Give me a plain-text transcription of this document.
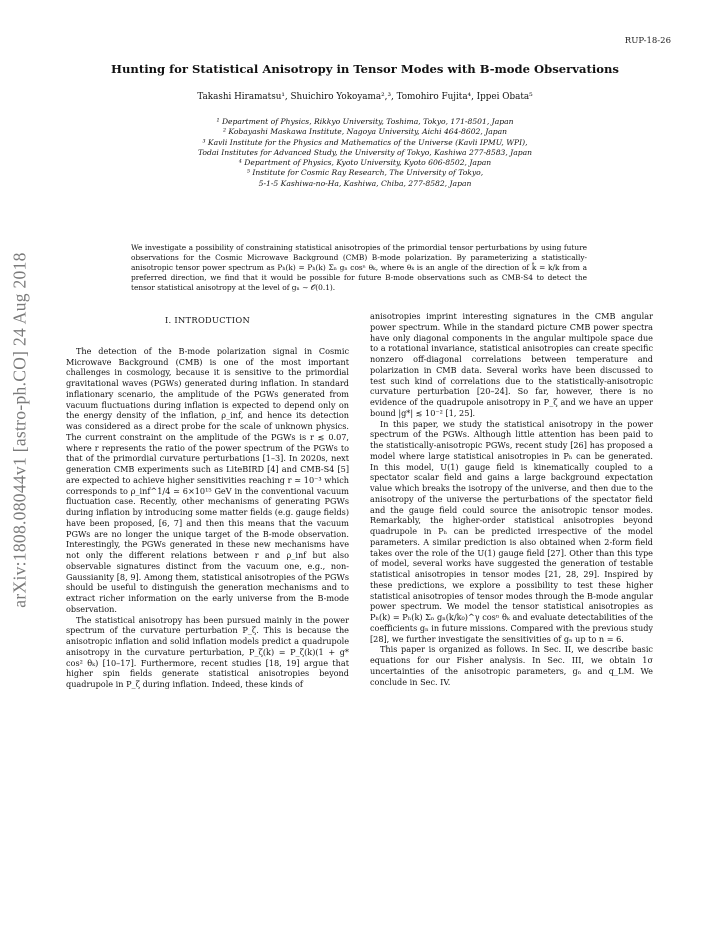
RUP-18-26
arXiv:1808.08044v1 [astro-ph.CO] 24 Aug 2018
Hunting for Statistical Anisotropy in Tensor Modes with B-mode Observations
Takashi Hiramatsu¹, Shuichiro Yokoyama²,³, Tomohiro Fujita⁴, Ippei Obata⁵
¹ Department of Physics, Rikkyo University, Toshima, Tokyo, 171-8501, Japan
² Kobayashi Maskawa Institute, Nagoya University, Aichi 464-8602, Japan
³ Kavli Institute for the Physics and Mathematics of the Universe (Kavli IPMU, WPI),
Todai Institutes for Advanced Study, the University of Tokyo, Kashiwa 277-8583, Japan
⁴ Department of Physics, Kyoto University, Kyoto 606-8502, Japan
⁵ Institute for Cosmic Ray Research, The University of Tokyo,
5-1-5 Kashiwa-no-Ha, Kashiwa, Chiba, 277-8582, Japan
We investigate a possibility of constraining statistical anisotropies of the primordial tensor perturbations by using future observations for the Cosmic Microwave Background (CMB) B-mode polarization. By parameterizing a statistically-anisotropic tensor power spectrum as Pₕ(k) = Pₕ(k) Σₙ gₙ cosⁿ θₖ, where θₖ is an angle of the direction of k̂ = k/k from a preferred direction, we find that it would be possible for future B-mode observations such as CMB-S4 to detect the tensor statistical anisotropy at the level of gₙ ∼ 𝒪(0.1).
I. INTRODUCTION

The detection of the B-mode polarization signal in Cosmic Microwave Background (CMB) is one of the most important challenges in cosmology, because it is sensitive to the primordial gravitational waves (PGWs) generated during inflation. In standard inflationary scenario, the amplitude of the PGWs generated from vacuum fluctuations during inflation is expected to depend only on the energy density of the inflation, ρ_inf, and hence its detection was considered as a direct probe for the scale of unknown physics. The current constraint on the amplitude of the PGWs is r ≲ 0.07, where r represents the ratio of the power spectrum of the PGWs to that of the primordial curvature perturbations [1–3]. In 2020s, next generation CMB experiments such as LiteBIRD [4] and CMB-S4 [5] are expected to achieve higher sensitivities reaching r ≃ 10⁻³ which corresponds to ρ_inf^1/4 ≃ 6×10¹⁵ GeV in the conventional vacuum fluctuation case. Recently, other mechanisms of generating PGWs during inflation by introducing some matter fields (e.g. gauge fields) have been proposed, [6, 7] and then this means that the vacuum PGWs are no longer the unique target of the B-mode observation. Interestingly, the PGWs generated in these new mechanisms have not only the different relations between r and ρ_inf but also observable signatures distinct from the vacuum one, e.g., non-Gaussianity [8, 9]. Among them, statistical anisotropies of the PGWs should be useful to distinguish the generation mechanisms and to extract richer information on the early universe from the B-mode observation.

The statistical anisotropy has been pursued mainly in the power spectrum of the curvature perturbation P_ζ. This is because the anisotropic inflation and solid inflation models predict a quadrupole anisotropy in the curvature perturbation, P_ζ(k) = P_ζ(k)(1 + g* cos² θₖ) [10–17]. Furthermore, recent studies [18, 19] argue that higher spin fields generate statistical anisotropies beyond quadrupole in P_ζ during inflation. Indeed, these kinds of

anisotropies imprint interesting signatures in the CMB angular power spectrum. While in the standard picture CMB power spectra have only diagonal components in the angular multipole space due to a rotational invariance, statistical anisotropies can create specific nonzero off-diagonal correlations between temperature and polarization in CMB data. Several works have been discussed to test such kind of correlations due to the statistically-anisotropic curvature perturbation [20–24]. So far, however, there is no evidence of the quadrupole anisotropy in P_ζ and we have an upper bound |g*| ≲ 10⁻² [1, 25].

In this paper, we study the statistical anisotropy in the power spectrum of the PGWs. Although little attention has been paid to the statistically-anisotropic PGWs, recent study [26] has proposed a model where large statistical anisotropies in Pₕ can be generated. In this model, U(1) gauge field is kinematically coupled to a spectator scalar field and gains a large background expectation value which breaks the isotropy of the universe, and then due to the anisotropy of the universe the perturbations of the spectator field and the gauge field could source the anisotropic tensor modes. Remarkably, the higher-order statistical anisotropies beyond quadrupole in Pₕ can be predicted irrespective of the model parameters. A similar prediction is also obtained when 2-form field takes over the role of the U(1) gauge field [27]. Other than this type of model, several works have suggested the generation of testable statistical anisotropies in tensor modes [21, 28, 29]. Inspired by these predictions, we explore a possibility to test these higher statistical anisotropies of tensor modes through the B-mode angular power spectrum. We model the tensor statistical anisotropies as Pₕ(k) = Pₕ(k) Σₙ gₙ(k/k₀)^γ cosⁿ θₖ and evaluate detectabilities of the coefficients gₙ in future missions. Compared with the previous study [28], we further investigate the sensitivities of gₙ up to n = 6.

This paper is organized as follows. In Sec. II, we describe basic equations for our Fisher analysis. In Sec. III, we obtain 1σ uncertainties of the anisotropic parameters, gₙ and q_LM. We conclude in Sec. IV.
